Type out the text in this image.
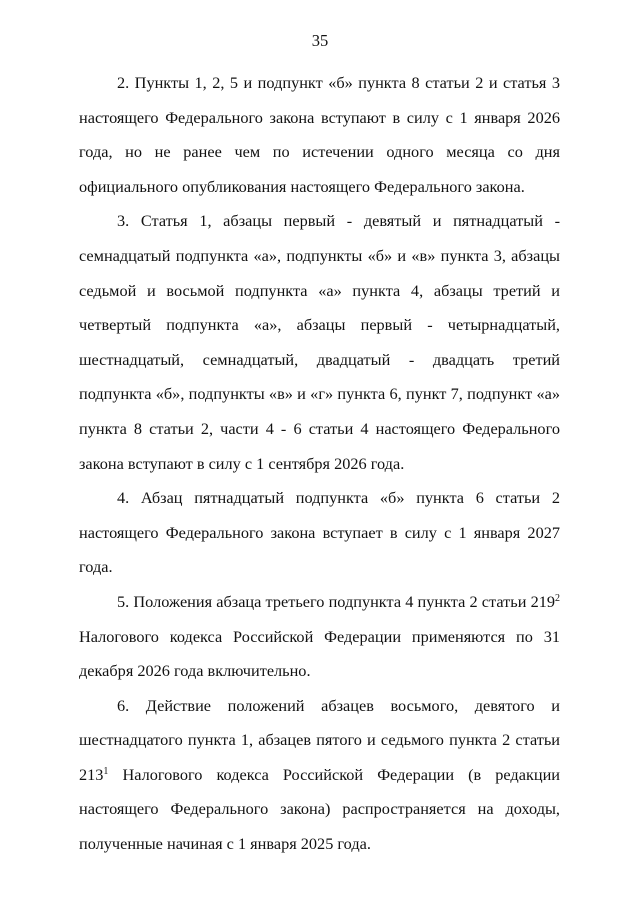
35

2. Пункты 1, 2, 5 и подпункт «б» пункта 8 статьи 2 и статья 3 настоящего Федерального закона вступают в силу с 1 января 2026 года, но не ранее чем по истечении одного месяца со дня официального опубликования настоящего Федерального закона.

3. Статья 1, абзацы первый - девятый и пятнадцатый - семнадцатый подпункта «а», подпункты «б» и «в» пункта 3, абзацы седьмой и восьмой подпункта «а» пункта 4, абзацы третий и четвертый подпункта «а», абзацы первый - четырнадцатый, шестнадцатый, семнадцатый, двадцатый - двадцать третий подпункта «б», подпункты «в» и «г» пункта 6, пункт 7, подпункт «а» пункта 8 статьи 2, части 4 - 6 статьи 4 настоящего Федерального закона вступают в силу с 1 сентября 2026 года.

4. Абзац пятнадцатый подпункта «б» пункта 6 статьи 2 настоящего Федерального закона вступает в силу с 1 января 2027 года.

5. Положения абзаца третьего подпункта 4 пункта 2 статьи $219^2$ Налогового кодекса Российской Федерации применяются по 31 декабря 2026 года включительно.

6. Действие положений абзацев восьмого, девятого и шестнадцатого пункта 1, абзацев пятого и седьмого пункта 2 статьи $213^1$ Налогового кодекса Российской Федерации (в редакции настоящего Федерального закона) распространяется на доходы, полученные начиная с 1 января 2025 года.
